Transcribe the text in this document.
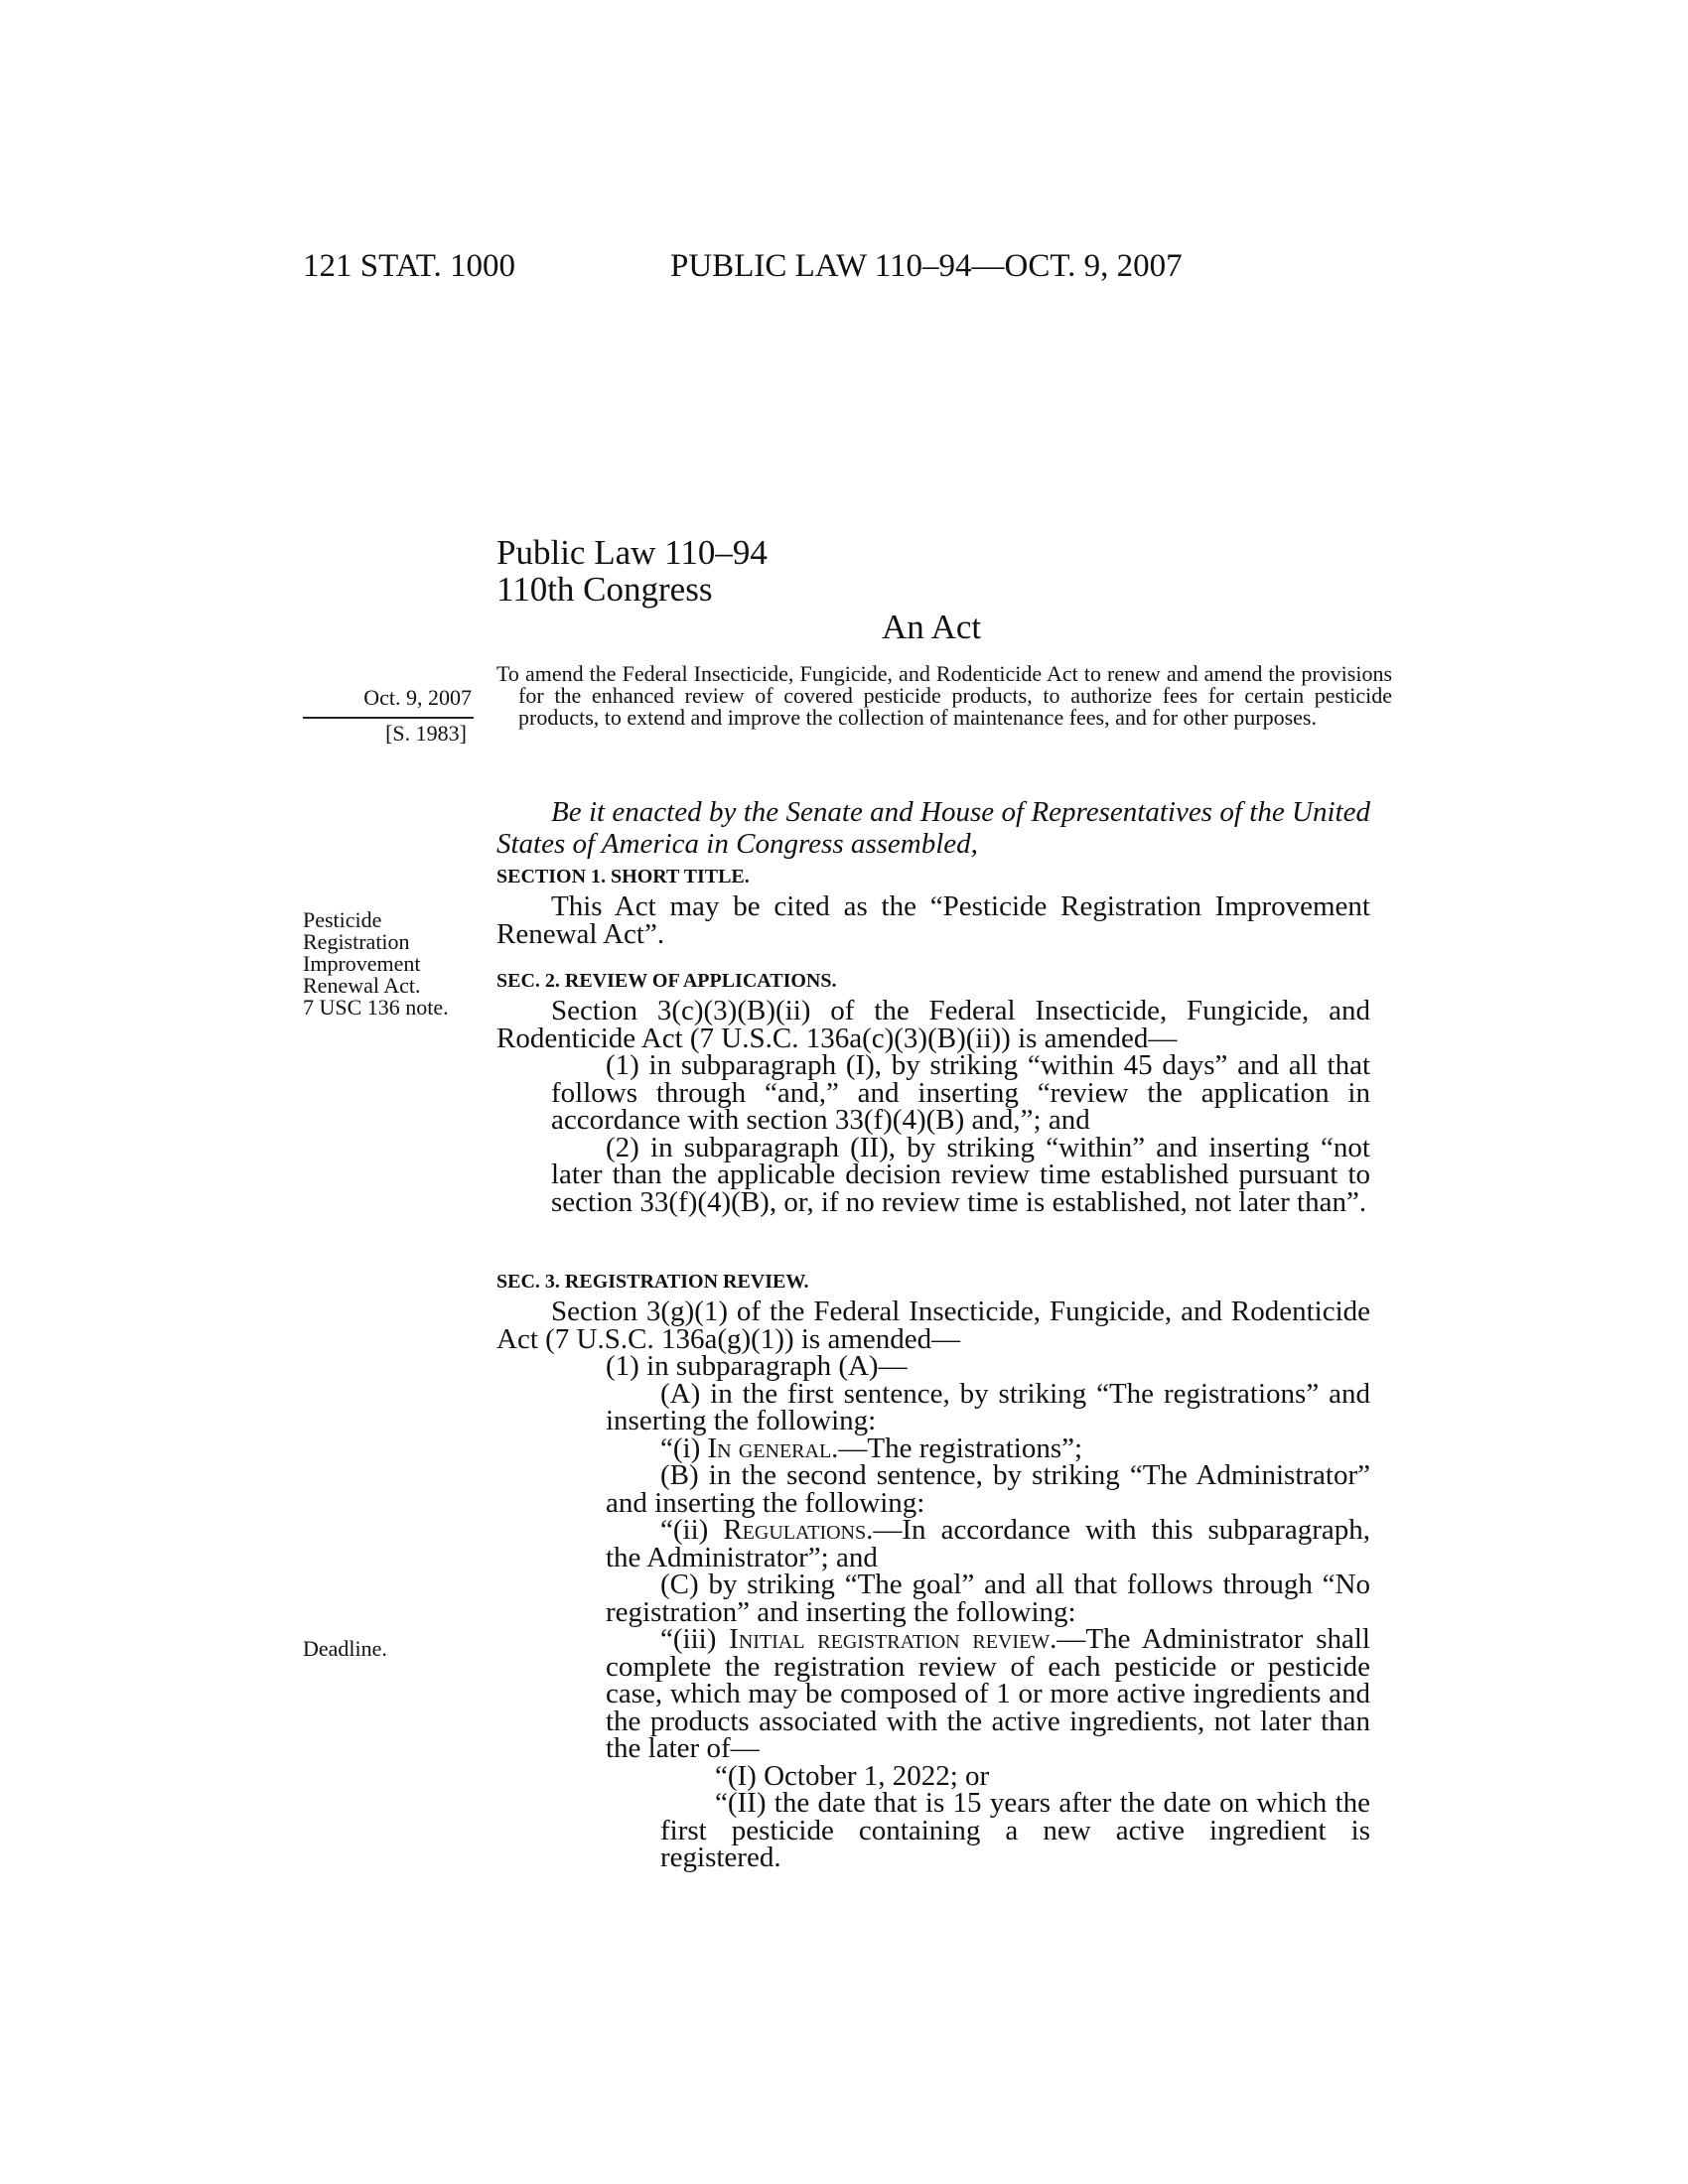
121 STAT. 1000	PUBLIC LAW 110–94—OCT. 9, 2007
Public Law 110–94
110th Congress
An Act
Oct. 9, 2007
[S. 1983]
Pesticide
Registration
Improvement
Renewal Act.
7 USC 136 note.
Deadline.
To amend the Federal Insecticide, Fungicide, and Rodenticide Act to renew and amend the provisions for the enhanced review of covered pesticide products, to authorize fees for certain pesticide products, to extend and improve the collection of maintenance fees, and for other purposes.
Be it enacted by the Senate and House of Representatives of the United States of America in Congress assembled,
SECTION 1. SHORT TITLE.

This Act may be cited as the “Pesticide Registration Improvement Renewal Act”.

SEC. 2. REVIEW OF APPLICATIONS.

Section 3(c)(3)(B)(ii) of the Federal Insecticide, Fungicide, and Rodenticide Act (7 U.S.C. 136a(c)(3)(B)(ii)) is amended—

(1) in subparagraph (I), by striking “within 45 days” and all that follows through “and,” and inserting “review the application in accordance with section 33(f)(4)(B) and,”; and

(2) in subparagraph (II), by striking “within” and inserting “not later than the applicable decision review time established pursuant to section 33(f)(4)(B), or, if no review time is established, not later than”.

SEC. 3. REGISTRATION REVIEW.

Section 3(g)(1) of the Federal Insecticide, Fungicide, and Rodenticide Act (7 U.S.C. 136a(g)(1)) is amended—

(1) in subparagraph (A)—

(A) in the first sentence, by striking “The registrations” and inserting the following:

“(i) In general.—The registrations”;

(B) in the second sentence, by striking “The Administrator” and inserting the following:

“(ii) Regulations.—In accordance with this subparagraph, the Administrator”; and

(C) by striking “The goal” and all that follows through “No registration” and inserting the following:

“(iii) Initial registration review.—The Administrator shall complete the registration review of each pesticide or pesticide case, which may be composed of 1 or more active ingredients and the products associated with the active ingredients, not later than the later of—

“(I) October 1, 2022; or

“(II) the date that is 15 years after the date on which the first pesticide containing a new active ingredient is registered.
